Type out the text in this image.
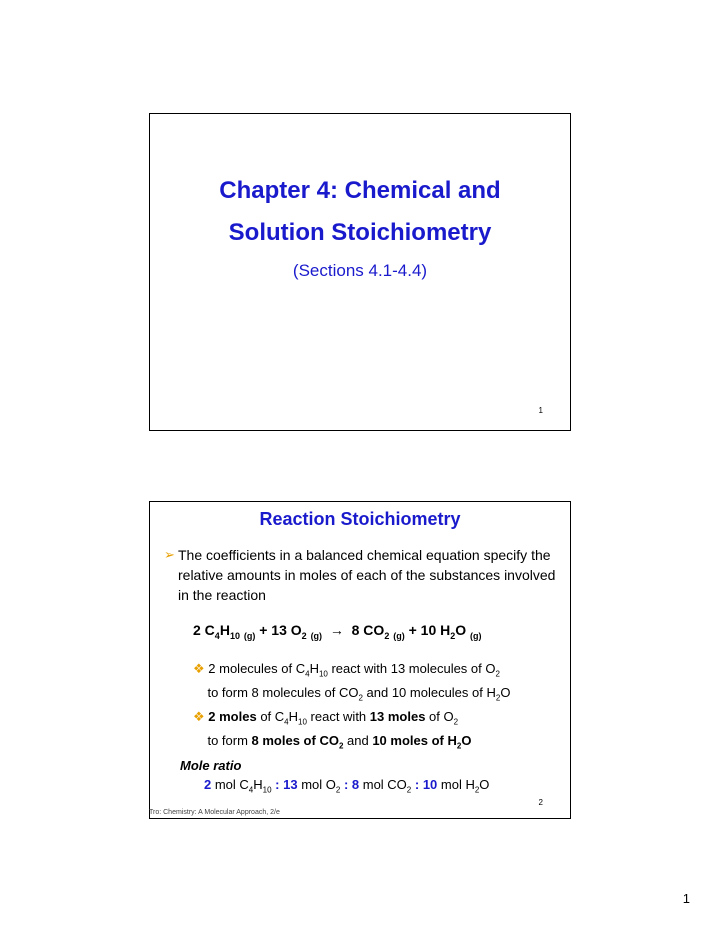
Chapter 4: Chemical and
Solution Stoichiometry
(Sections 4.1-4.4)
1
Reaction Stoichiometry
➢ The coefficients in a balanced chemical equation specify the relative amounts in moles of each of the substances involved in the reaction
2 $C_4H_{10}$ $_{(g)}$ + 13 $O_2$ $_{(g)}$ →  8 $CO_2$ $_{(g)}$ + 10 $H_2O$ $_{(g)}$
❖ 2 molecules of $C_4H_{10}$ react with 13 molecules of $O_2$
to form 8 molecules of $CO_2$ and 10 molecules of $H_2O$
❖ 2 moles of $C_4H_{10}$ react with 13 moles of $O_2$
to form 8 moles of $CO_2$ and 10 moles of $H_2O$
Mole ratio
2 mol $C_4H_{10}$ : 13 mol $O_2$ : 8 mol $CO_2$ : 10 mol $H_2O$
2
Tro: Chemistry: A Molecular Approach, 2/e
1
